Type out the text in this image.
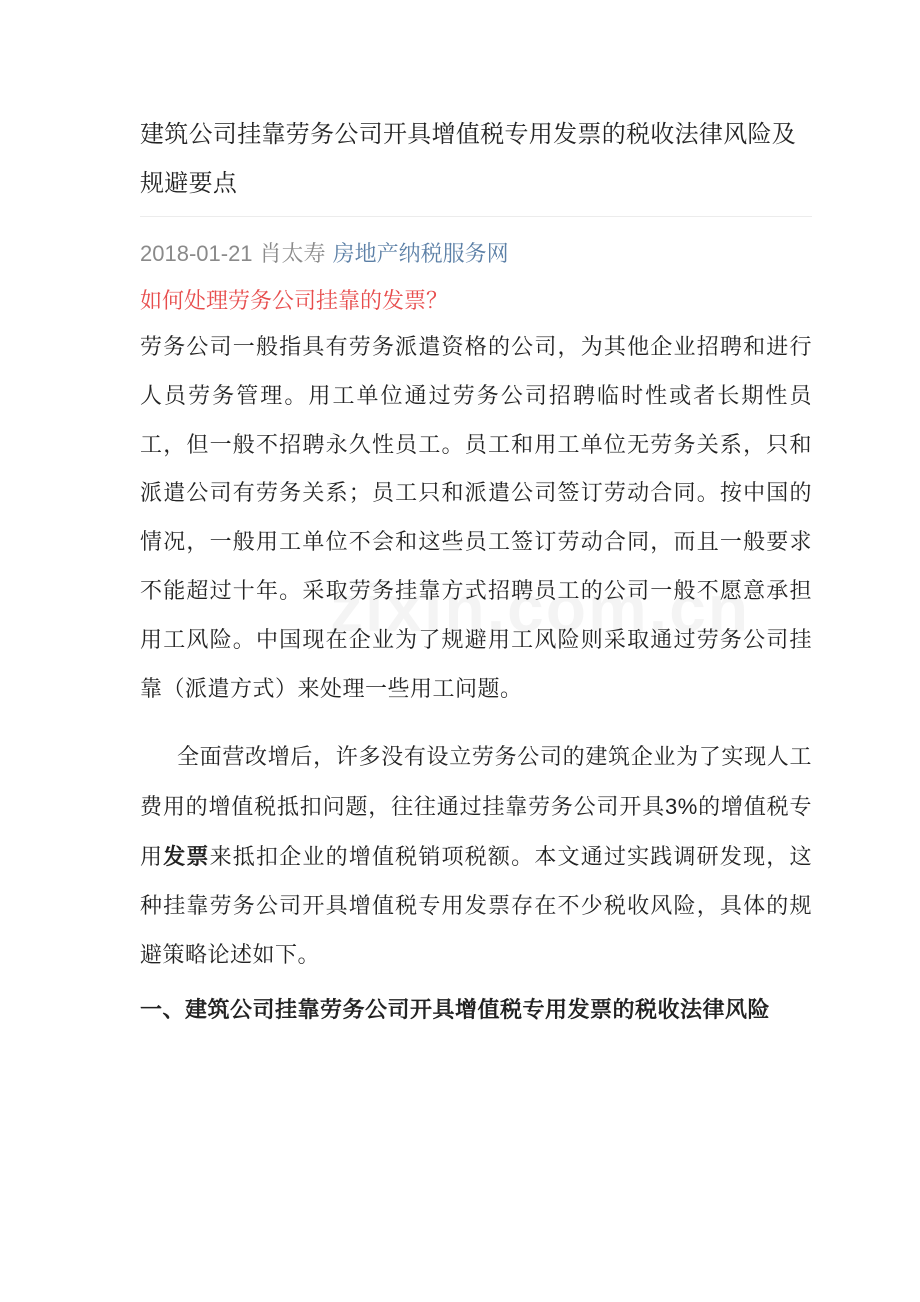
建筑公司挂靠劳务公司开具增值税专用发票的税收法律风险及规避要点
2018-01-21 肖太寿 房地产纳税服务网
如何处理劳务公司挂靠的发票？

劳务公司一般指具有劳务派遣资格的公司，为其他企业招聘和进行人员劳务管理。用工单位通过劳务公司招聘临时性或者长期性员工，但一般不招聘永久性员工。员工和用工单位无劳务关系，只和派遣公司有劳务关系；员工只和派遣公司签订劳动合同。按中国的情况，一般用工单位不会和这些员工签订劳动合同，而且一般要求不能超过十年。采取劳务挂靠方式招聘员工的公司一般不愿意承担用工风险。中国现在企业为了规避用工风险则采取通过劳务公司挂靠（派遣方式）来处理一些用工问题。

全面营改增后，许多没有设立劳务公司的建筑企业为了实现人工费用的增值税抵扣问题，往往通过挂靠劳务公司开具3%的增值税专用发票来抵扣企业的增值税销项税额。本文通过实践调研发现，这种挂靠劳务公司开具增值税专用发票存在不少税收风险，具体的规避策略论述如下。

一、建筑公司挂靠劳务公司开具增值税专用发票的税收法律风险
